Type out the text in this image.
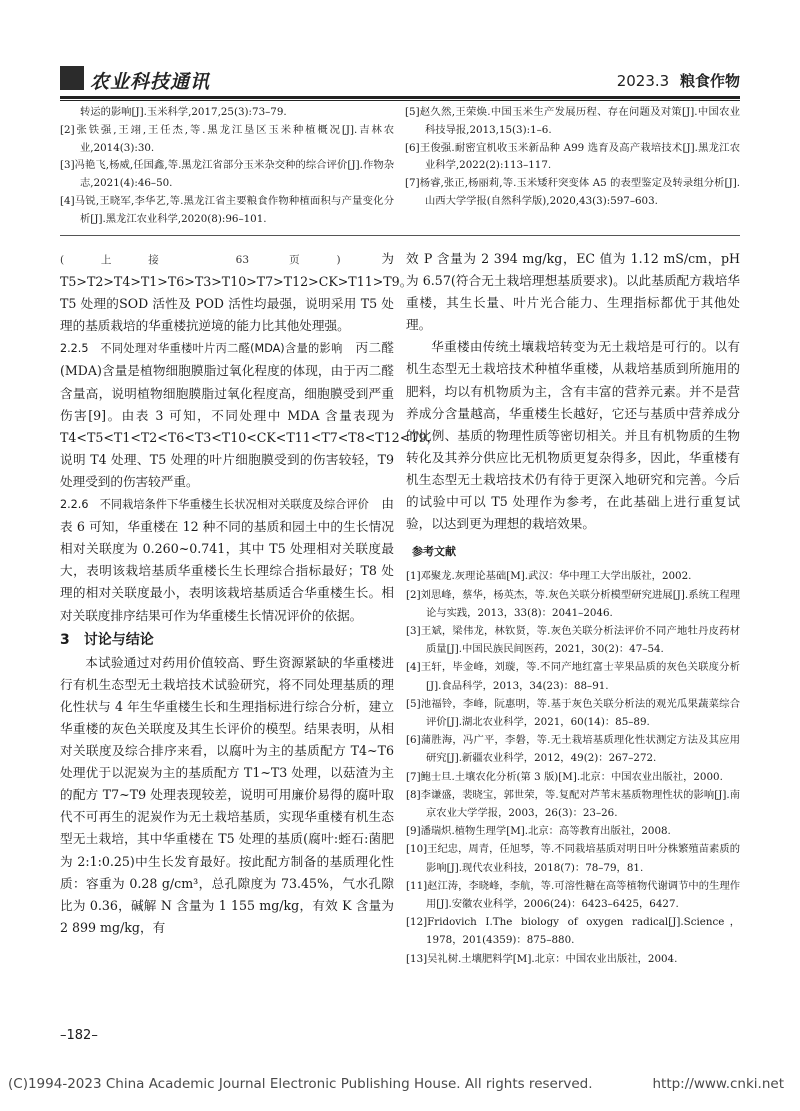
农业科技通讯	2023.3 粮食作物

转运的影响[J].玉米科学,2017,25(3):73–79.

[2]张铁强,王翊,王任杰,等.黑龙江垦区玉米种植概况[J].吉林农业,2014(3):30.

[3]冯艳飞,杨威,任国鑫,等.黑龙江省部分玉米杂交种的综合评价[J].作物杂志,2021(4):46–50.

[4]马锐,王晓军,李华艺,等.黑龙江省主要粮食作物种植面积与产量变化分析[J].黑龙江农业科学,2020(8):96–101.

[5]赵久然,王荣焕.中国玉米生产发展历程、存在问题及对策[J].中国农业科技导报,2013,15(3):1–6.

[6]王俊强.耐密宜机收玉米新品种 A99 选育及高产栽培技术[J].黑龙江农业科学,2022(2):113–117.

[7]杨睿,张正,杨丽莉,等.玉米矮秆突变体 A5 的表型鉴定及转录组分析[J].山西大学学报(自然科学版),2020,43(3):597–603.

(上接 63 页)	为 T5>T2>T4>T1>T6>T3>T10>T7>T12>CK>T11>T9。T5 处理的SOD 活性及 POD 活性均最强，说明采用 T5 处理的基质栽培的华重楼抗逆境的能力比其他处理强。

2.2.5　不同处理对华重楼叶片丙二醛(MDA)含量的影响　 丙二醛(MDA)含量是植物细胞膜脂过氧化程度的体现，由于丙二醛含量高，说明植物细胞膜脂过氧化程度高，细胞膜受到严重伤害[9]。由表 3 可知，不同处理中 MDA 含量表现为 T4<T5<T1<T2<T6<T3<T10<CK<T11<T7<T8<T12<T9，说明 T4 处理、T5 处理的叶片细胞膜受到的伤害较轻，T9 处理受到的伤害较严重。

2.2.6　不同栽培条件下华重楼生长状况相对关联度及综合评价　 由表 6 可知，华重楼在 12 种不同的基质和园土中的生长情况相对关联度为 0.260~0.741，其中 T5 处理相对关联度最大，表明该栽培基质华重楼长生长理综合指标最好；T8 处理的相对关联度最小，表明该栽培基质适合华重楼生长。相对关联度排序结果可作为华重楼生长情况评价的依据。

3　讨论与结论

本试验通过对药用价值较高、野生资源紧缺的华重楼进行有机生态型无土栽培技术试验研究，将不同处理基质的理化性状与 4 年生华重楼生长和生理指标进行综合分析，建立华重楼的灰色关联度及其生长评价的模型。结果表明，从相对关联度及综合排序来看，以腐叶为主的基质配方 T4~T6 处理优于以泥炭为主的基质配方 T1~T3 处理，以菇渣为主的配方 T7~T9 处理表现较差，说明可用廉价易得的腐叶取代不可再生的泥炭作为无土栽培基质，实现华重楼有机生态型无土栽培，其中华重楼在 T5 处理的基质(腐叶:蛭石:菌肥为 2:1:0.25)中生长发育最好。按此配方制备的基质理化性质：容重为 0.28 g/cm³，总孔隙度为 73.45%，气水孔隙比为 0.36，碱解 N 含量为 1 155 mg/kg，有效 K 含量为 2 899 mg/kg，有

效 P 含量为 2 394 mg/kg，EC 值为 1.12 mS/cm，pH 为 6.57(符合无土栽培理想基质要求)。以此基质配方栽培华重楼，其生长量、叶片光合能力、生理指标都优于其他处理。

华重楼由传统土壤栽培转变为无土栽培是可行的。以有机生态型无土栽培技术种植华重楼，从栽培基质到所施用的肥料，均以有机物质为主，含有丰富的营养元素。并不是营养成分含量越高，华重楼生长越好，它还与基质中营养成分的比例、基质的物理性质等密切相关。并且有机物质的生物转化及其养分供应比无机物质更复杂得多，因此，华重楼有机生态型无土栽培技术仍有待于更深入地研究和完善。今后的试验中可以 T5 处理作为参考，在此基础上进行重复试验，以达到更为理想的栽培效果。

参考文献

[1]邓聚龙.灰理论基础[M].武汉：华中理工大学出版社，2002.

[2]刘思峰，蔡华，杨英杰，等.灰色关联分析模型研究进展[J].系统工程理论与实践，2013，33(8)：2041–2046.

[3]王斌，梁伟龙，林钦贤，等.灰色关联分析法评价不同产地牡丹皮药材质量[J].中国民族民间医药，2021，30(2)：47–54.

[4]王轩，毕金峰，刘璇，等.不同产地红富士苹果品质的灰色关联度分析[J].食品科学，2013，34(23)：88–91.

[5]池福铃，李峰，阮惠明，等.基于灰色关联分析法的观光瓜果蔬菜综合评价[J].湖北农业科学，2021，60(14)：85–89.

[6]蒲胜海，冯广平，李磐，等.无土栽培基质理化性状测定方法及其应用研究[J].新疆农业科学，2012，49(2)：267–272.

[7]鲍士旦.土壤农化分析(第 3 版)[M].北京：中国农业出版社，2000.

[8]李谦盛，裴晓宝，郭世荣，等.复配对芦苇末基质物理性状的影响[J].南京农业大学学报，2003，26(3)：23–26.

[9]潘瑞炽.植物生理学[M].北京：高等教育出版社，2008.

[10]王纪忠，周青，任旭琴，等.不同栽培基质对明日叶分株繁殖苗素质的影响[J].现代农业科技，2018(7)：78–79，81.

[11]赵江涛，李晓峰，李航，等.可溶性糖在高等植物代谢调节中的生理作用[J].安徽农业科学，2006(24)：6423–6425，6427.

[12]Fridovich I.The biology of oxygen radical[J].Science，1978，201(4359)：875–880.

[13]吴礼树.土壤肥料学[M].北京：中国农业出版社，2004.

–182–
(C)1994-2023 China Academic Journal Electronic Publishing House. All rights reserved.	http://www.cnki.net
